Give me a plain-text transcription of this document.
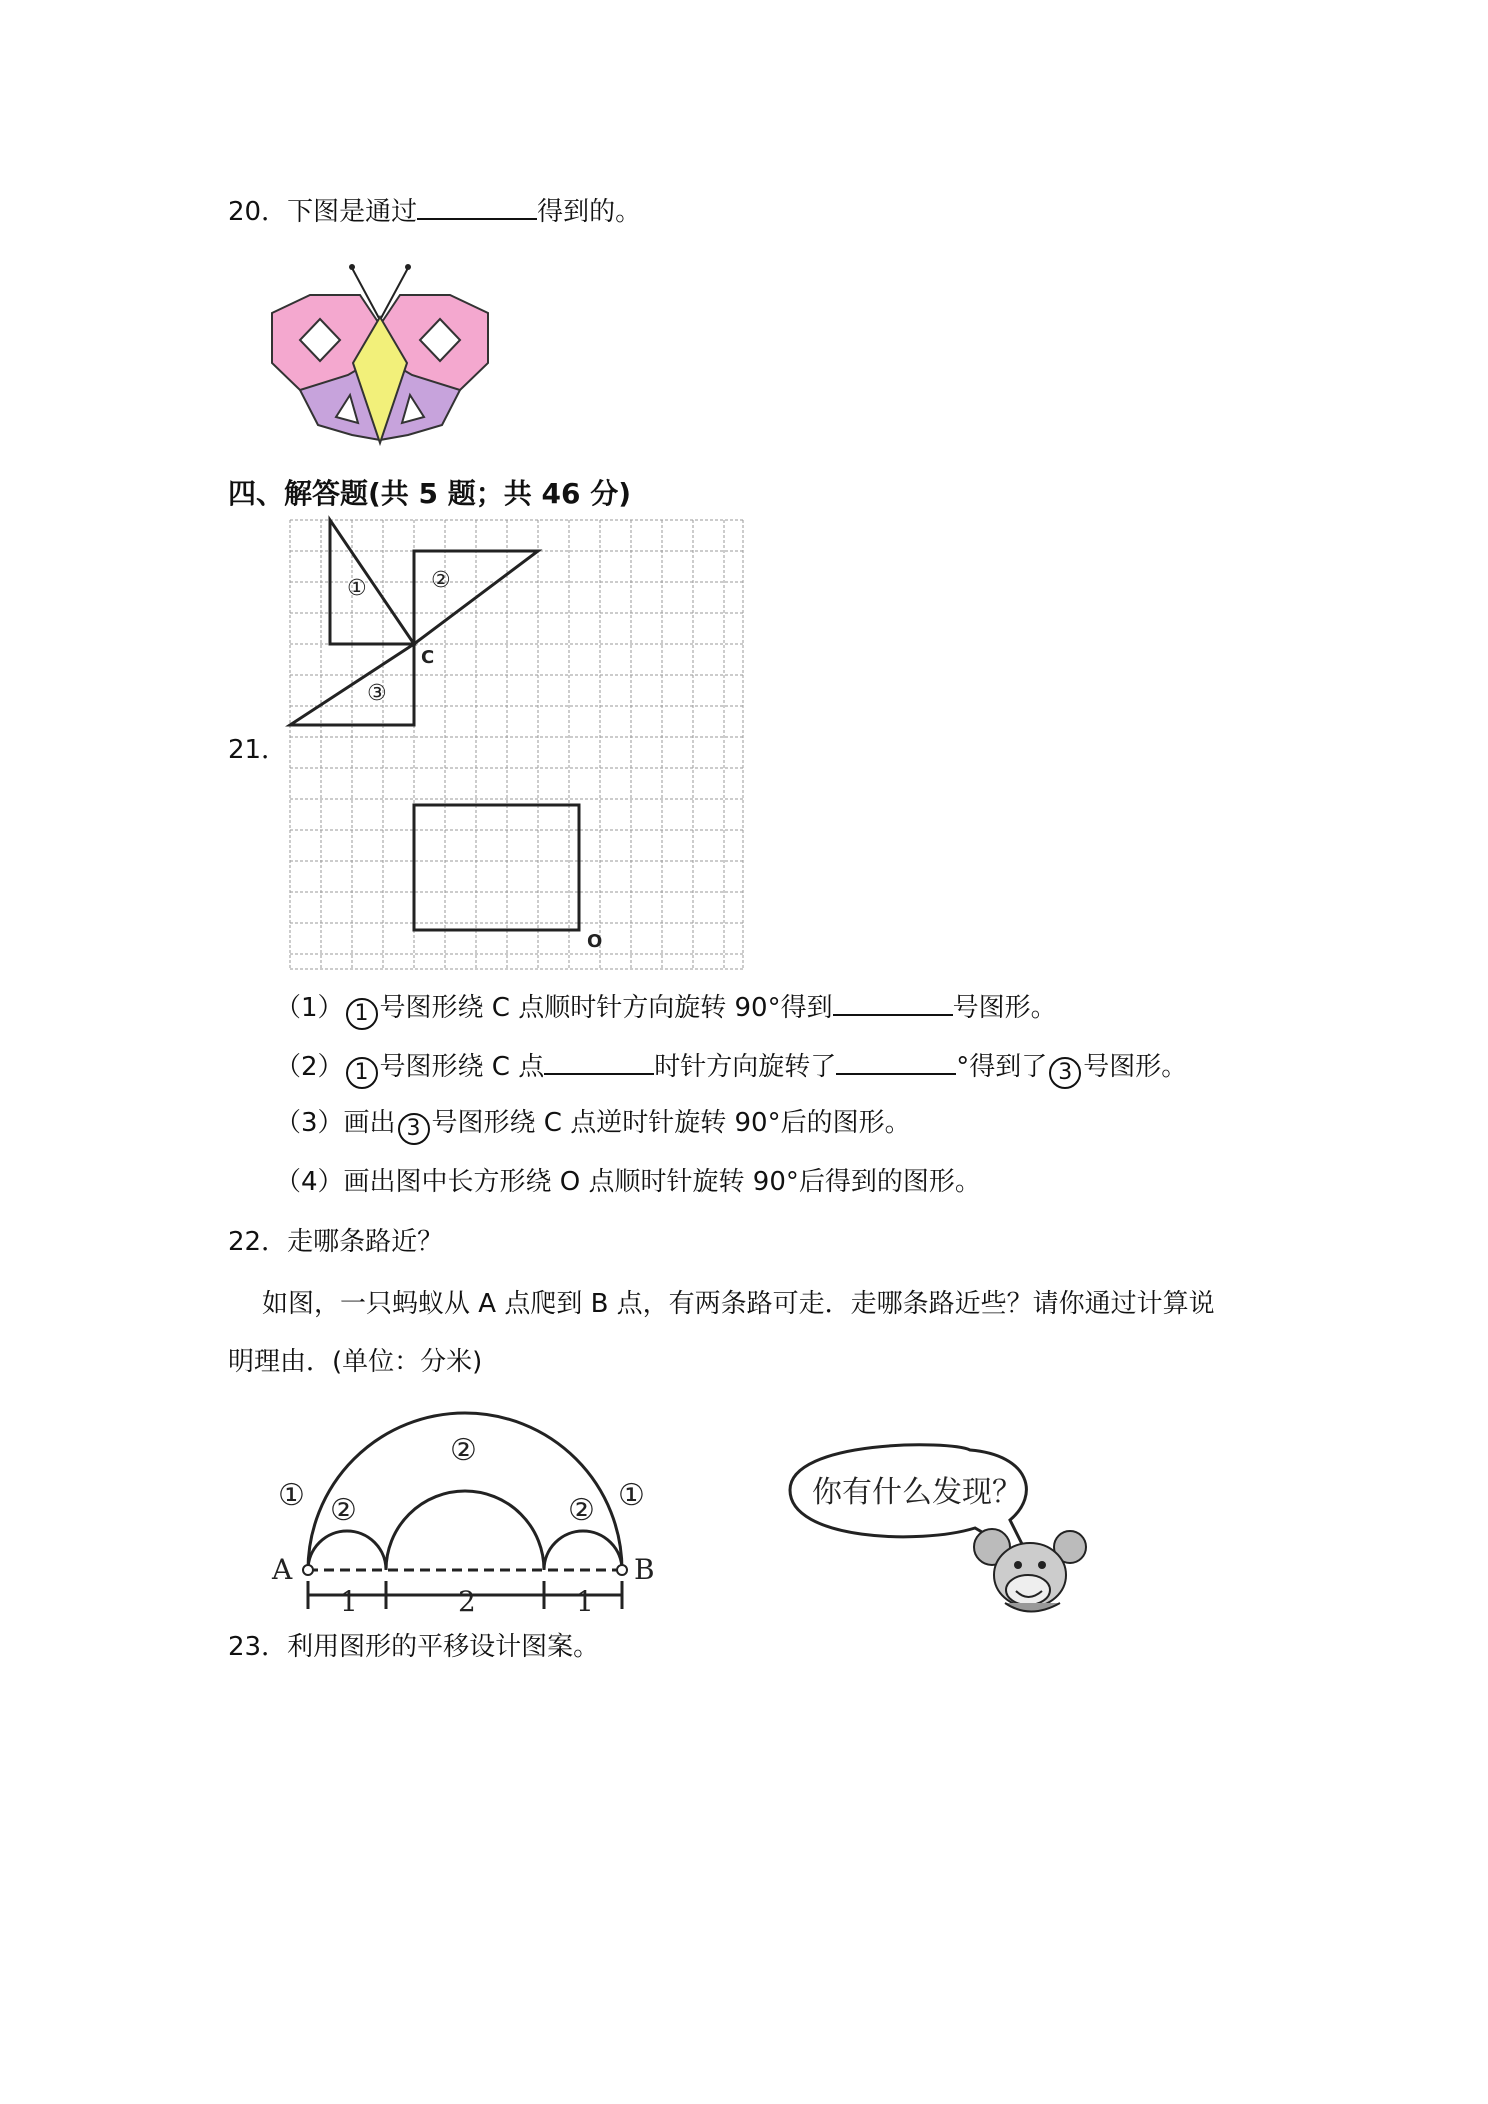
20．下图是通过	得到的。
四、解答题(共 5 题；共 46 分)
21．
①	②
③
C
O
（1） 1 号图形绕 C 点顺时针方向旋转 90°得到	号图形。
（2） 1 号图形绕 C 点	时针方向旋转了	°得到了 3 号图形。
（3）画出 3 号图形绕 C 点逆时针旋转 90°后的图形。
（4）画出图中长方形绕 O 点顺时针旋转 90°后得到的图形。
22．走哪条路近？
如图，一只蚂蚁从 A 点爬到 B 点，有两条路可走．走哪条路近些？请你通过计算说
明理由．(单位：分米)
A	B
① ②
②
② ①
1	2	1
你有什么发现？
23．利用图形的平移设计图案。
